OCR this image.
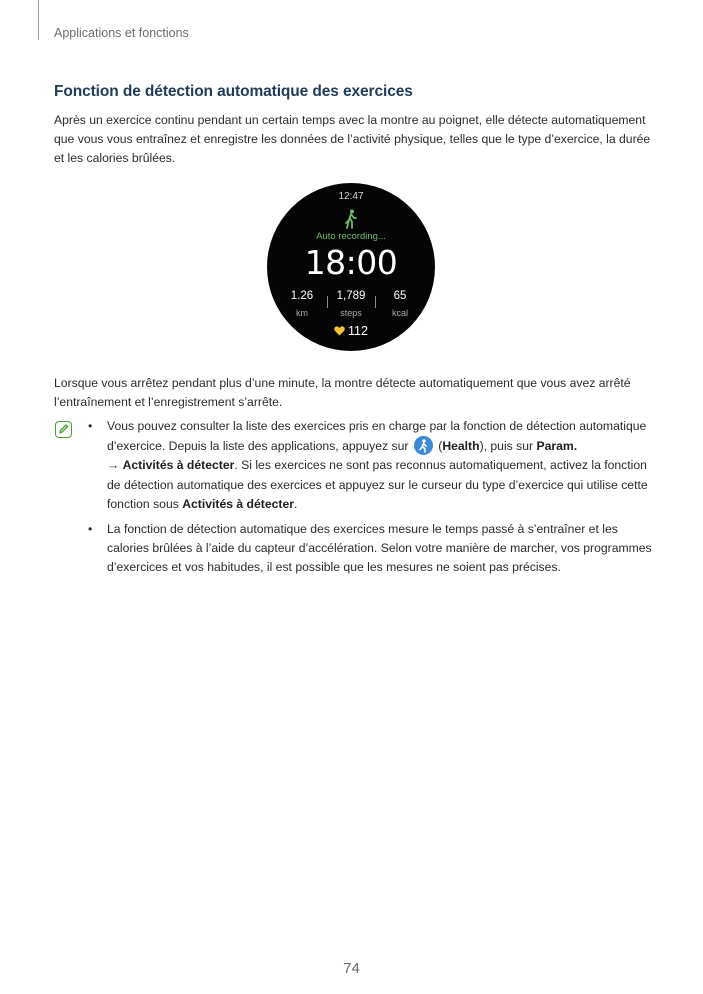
Applications et fonctions
Fonction de détection automatique des exercices

Après un exercice continu pendant un certain temps avec la montre au poignet, elle détecte automatiquement que vous vous entraînez et enregistre les données de l’activité physique, telles que le type d’exercice, la durée et les calories brûlées.

12:47
Auto recording...
18:00
1.26
km
1,789
steps
65
kcal
112

Lorsque vous arrêtez pendant plus d’une minute, la montre détecte automatiquement que vous avez arrêté l’entraînement et l’enregistrement s’arrête.

• Vous pouvez consulter la liste des exercices pris en charge par la fonction de détection automatique d’exercice. Depuis la liste des applications, appuyez sur
(Health), puis sur Param.
→ Activités à détecter. Si les exercices ne sont pas reconnus automatiquement, activez la fonction de détection automatique des exercices et appuyez sur le curseur du type d’exercice qui utilise cette fonction sous Activités à détecter.
• La fonction de détection automatique des exercices mesure le temps passé à s’entraîner et les calories brûlées à l’aide du capteur d’accélération. Selon votre manière de marcher, vos programmes d’exercices et vos habitudes, il est possible que les mesures ne soient pas précises.
74
